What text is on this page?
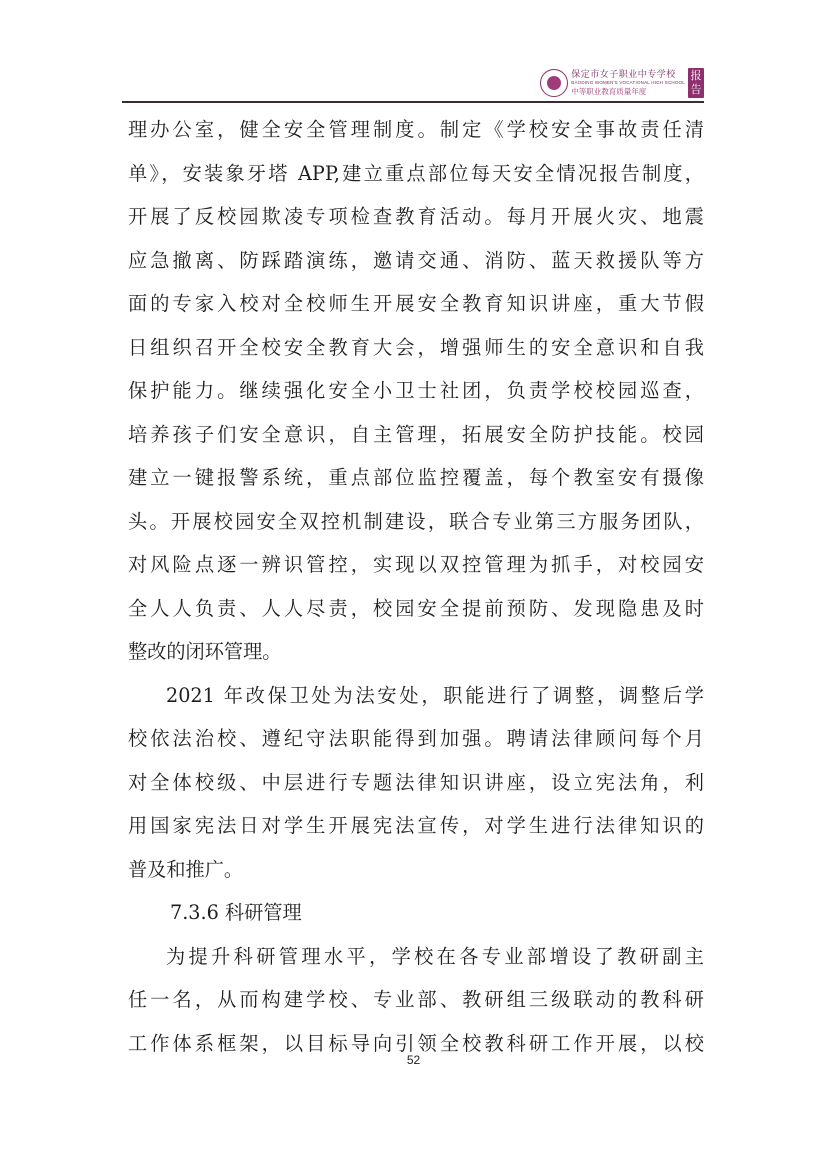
保定市女子职业中专学校
BAODING WOMEN'S VOCATIONAL HIGH SCHOOL
中等职业教育质量年度
报
告
理办公室，健全安全管理制度。制定《学校安全事故责任清
单》，安装象牙塔 APP,建立重点部位每天安全情况报告制度，
开展了反校园欺凌专项检查教育活动。每月开展火灾、地震
应急撤离、防踩踏演练，邀请交通、消防、蓝天救援队等方
面的专家入校对全校师生开展安全教育知识讲座，重大节假
日组织召开全校安全教育大会，增强师生的安全意识和自我
保护能力。继续强化安全小卫士社团，负责学校校园巡查，
培养孩子们安全意识，自主管理，拓展安全防护技能。校园
建立一键报警系统，重点部位监控覆盖，每个教室安有摄像
头。开展校园安全双控机制建设，联合专业第三方服务团队，
对风险点逐一辨识管控，实现以双控管理为抓手，对校园安
全人人负责、人人尽责，校园安全提前预防、发现隐患及时
整改的闭环管理。
2021 年改保卫处为法安处，职能进行了调整，调整后学
校依法治校、遵纪守法职能得到加强。聘请法律顾问每个月
对全体校级、中层进行专题法律知识讲座，设立宪法角，利
用国家宪法日对学生开展宪法宣传，对学生进行法律知识的
普及和推广。
7.3.6 科研管理
为提升科研管理水平，学校在各专业部增设了教研副主
任一名，从而构建学校、专业部、教研组三级联动的教科研
工作体系框架，以目标导向引领全校教科研工作开展，以校
52
